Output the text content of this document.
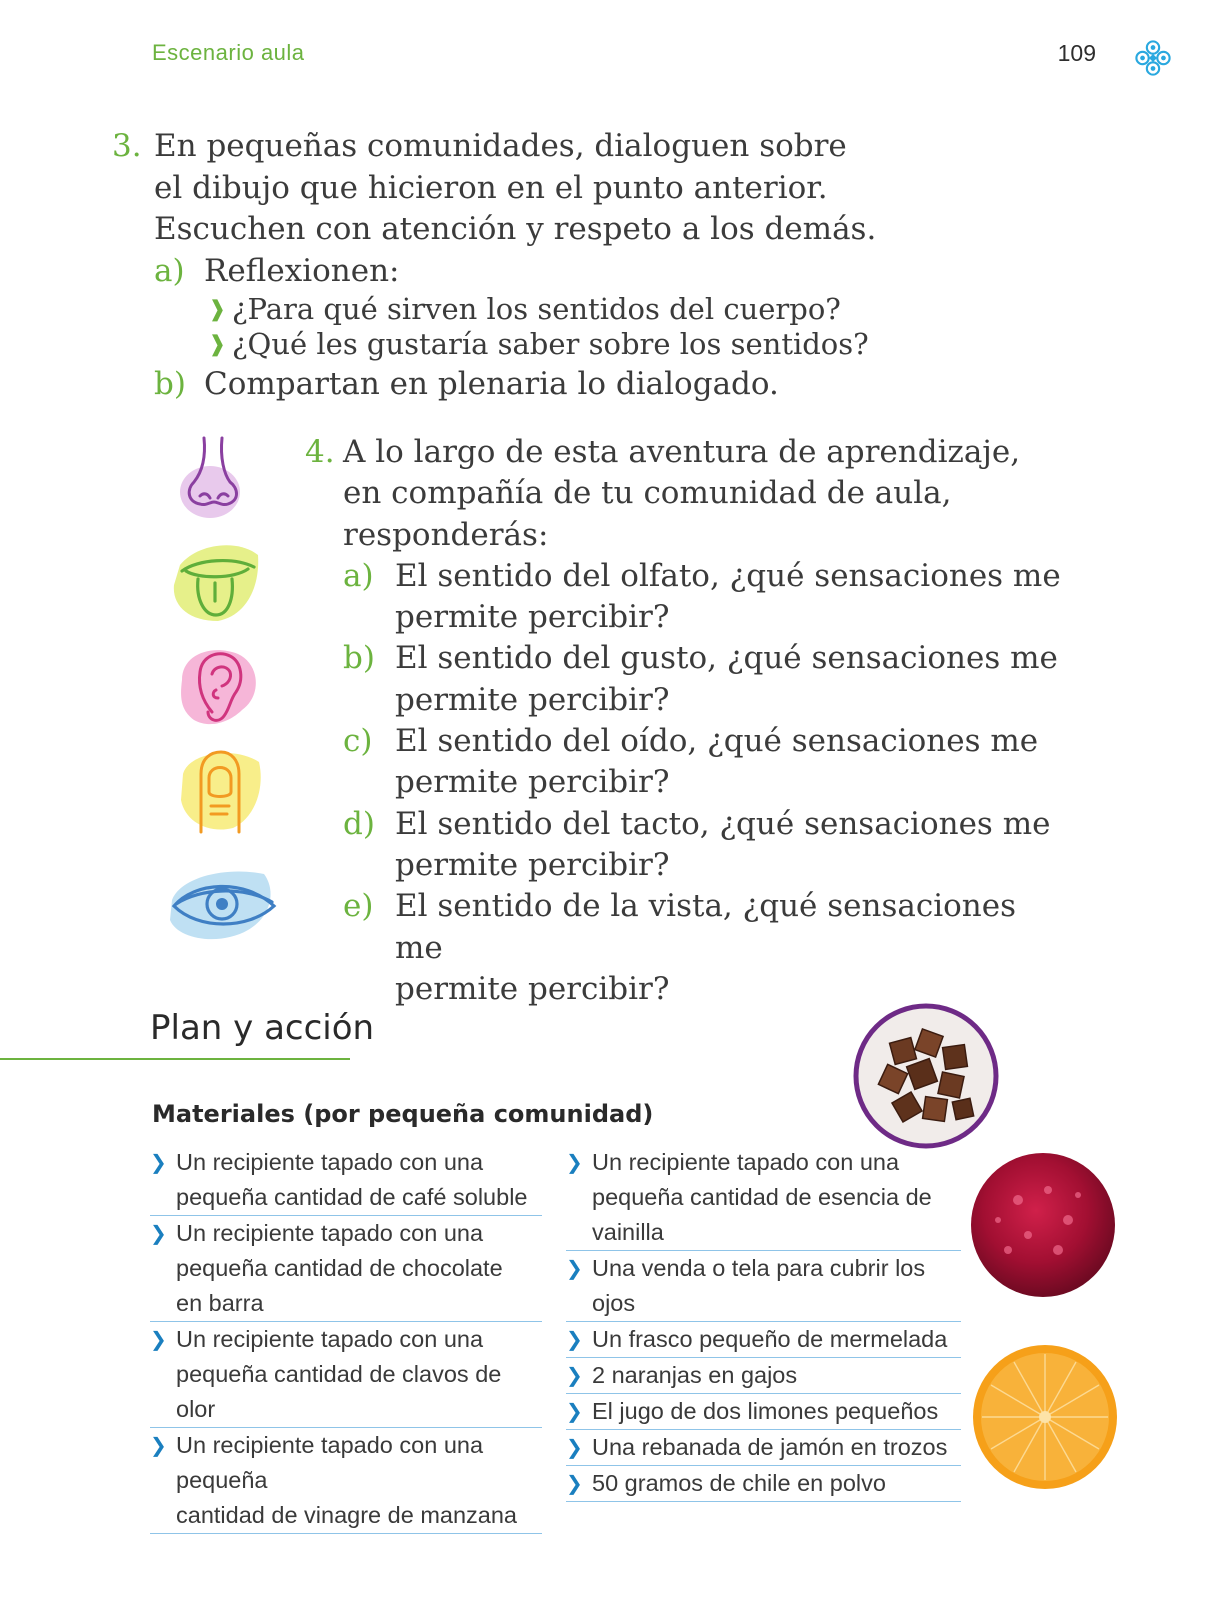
Escenario aula	109
3. En pequeñas comunidades, dialoguen sobre
el dibujo que hicieron en el punto anterior.
Escuchen con atención y respeto a los demás.
a) Reflexionen:
❱ ¿Para qué sirven los sentidos del cuerpo?
❱ ¿Qué les gustaría saber sobre los sentidos?
b) Compartan en plenaria lo dialogado.
4. A lo largo de esta aventura de aprendizaje,
en compañía de tu comunidad de aula,
responderás:
a) El sentido del olfato, ¿qué sensaciones me
permite percibir?
b) El sentido del gusto, ¿qué sensaciones me
permite percibir?
c) El sentido del oído, ¿qué sensaciones me
permite percibir?
d) El sentido del tacto, ¿qué sensaciones me
permite percibir?
e) El sentido de la vista, ¿qué sensaciones me
permite percibir?
Plan y acción
Materiales (por pequeña comunidad)
❯ Un recipiente tapado con una
pequeña cantidad de café soluble
❯ Un recipiente tapado con una
pequeña cantidad de chocolate
en barra
❯ Un recipiente tapado con una
pequeña cantidad de clavos de olor
❯ Un recipiente tapado con una pequeña
cantidad de vinagre de manzana
❯ Un recipiente tapado con una
pequeña cantidad de esencia de
vainilla
❯ Una venda o tela para cubrir los ojos
❯ Un frasco pequeño de mermelada
❯ 2 naranjas en gajos
❯ El jugo de dos limones pequeños
❯ Una rebanada de jamón en trozos
❯ 50 gramos de chile en polvo
